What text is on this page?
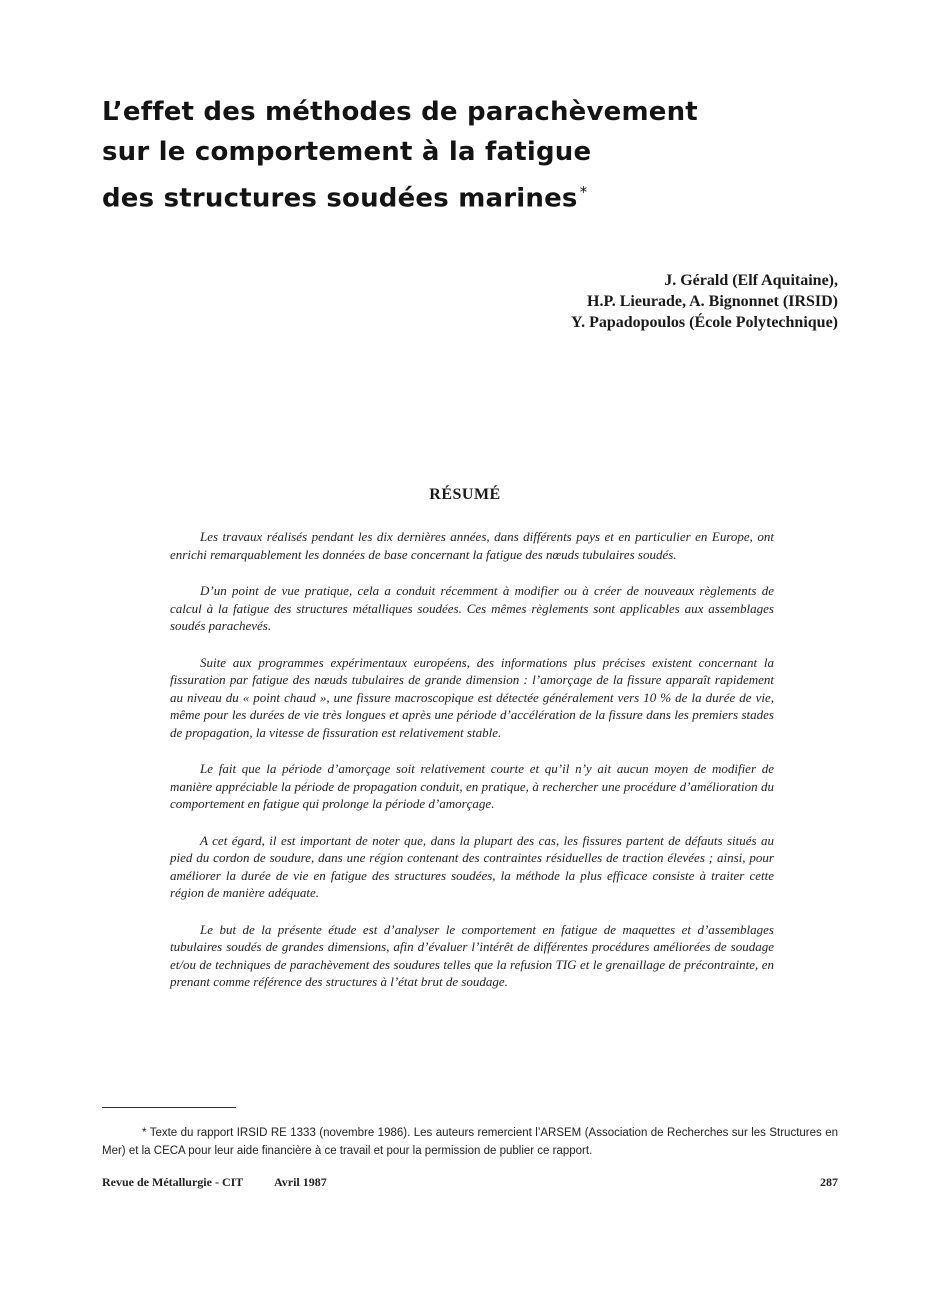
L’effet des méthodes de parachèvement
sur le comportement à la fatigue
des structures soudées marines *
J. Gérald (Elf Aquitaine),
H.P. Lieurade, A. Bignonnet (IRSID)
Y. Papadopoulos (École Polytechnique)
RÉSUMÉ

Les travaux réalisés pendant les dix dernières années, dans différents pays et en particulier en Europe, ont enrichi remarquablement les données de base concernant la fatigue des nœuds tubulaires soudés.

D’un point de vue pratique, cela a conduit récemment à modifier ou à créer de nouveaux règlements de calcul à la fatigue des structures métalliques soudées. Ces mêmes règlements sont applicables aux assemblages soudés parachevés.

Suite aux programmes expérimentaux européens, des informations plus précises existent concernant la fissuration par fatigue des nœuds tubulaires de grande dimension : l’amorçage de la fissure apparaît rapidement au niveau du « point chaud », une fissure macroscopique est détectée généralement vers 10 % de la durée de vie, même pour les durées de vie très longues et après une période d’accélération de la fissure dans les premiers stades de propagation, la vitesse de fissuration est relativement stable.

Le fait que la période d’amorçage soit relativement courte et qu’il n’y ait aucun moyen de modifier de manière appréciable la période de propagation conduit, en pratique, à rechercher une procédure d’amélioration du comportement en fatigue qui prolonge la période d’amorçage.

A cet égard, il est important de noter que, dans la plupart des cas, les fissures partent de défauts situés au pied du cordon de soudure, dans une région contenant des contraintes résiduelles de traction élevées ; ainsi, pour améliorer la durée de vie en fatigue des structures soudées, la méthode la plus efficace consiste à traiter cette région de manière adéquate.

Le but de la présente étude est d’analyser le comportement en fatigue de maquettes et d’assemblages tubulaires soudés de grandes dimensions, afin d’évaluer l’intérêt de différentes procédures améliorées de soudage et/ou de techniques de parachèvement des soudures telles que la refusion TIG et le grenaillage de précontrainte, en prenant comme référence des structures à l’état brut de soudage.

* Texte du rapport IRSID RE 1333 (novembre 1986). Les auteurs remercient l’ARSEM (Association de Recherches sur les Structures en Mer) et la CECA pour leur aide financière à ce travail et pour la permission de publier ce rapport.

Revue de Métallurgie - CIT	Avril 1987	287
